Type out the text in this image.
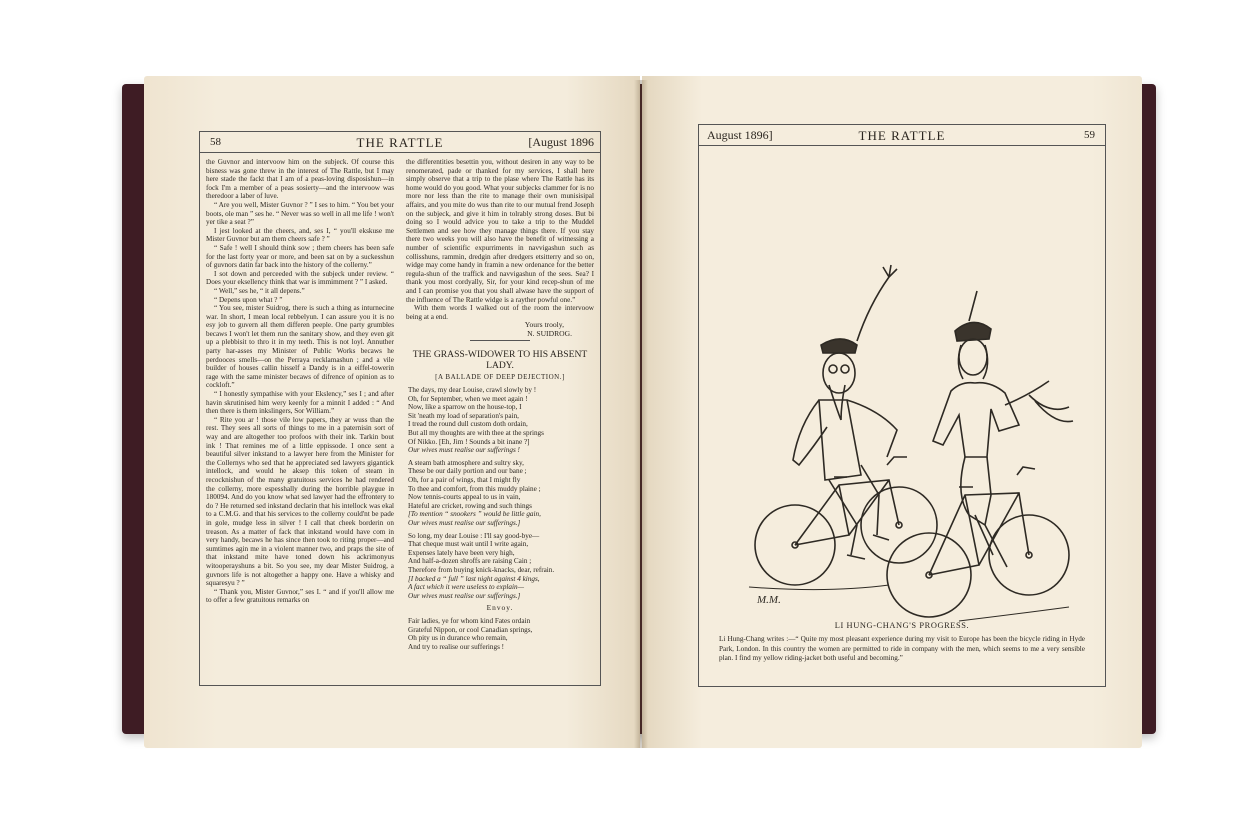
58	THE RATTLE	[August 1896

the Guvnor and intervoow him on the subjeck. Of course this bisness was gone threw in the interest of The Rattle, but I may here stade the fackt that I am of a peas-loving disposishun—in fock I'm a member of a peas sosierty—and the intervoow was theredoor a laber of luve.

“ Are you well, Mister Guvnor ? ” I ses to him. “ You bet your boots, ole man ” ses he. “ Never was so well in all me life ! won't yer tike a seat ?”

I jest looked at the cheers, and, ses I, “ you'll ekskuse me Mister Guvnor but am them cheers safe ? ”

“ Safe ! well I should think sow ; them cheers has been safe for the last forty year or more, and been sat on by a suckesshun of guvnors datin far back into the history of the collerny.”

I sot down and perceeded with the subjeck under review. “ Does your eksellency think that war is immimment ? ” I asked.

“ Well,” ses he, “ it all depens.”

“ Depens upon what ? ”

“ You see, mister Suidrog, there is such a thing as inturnecine war. In short, I mean local rebbelyun. I can assure you it is no esy job to guvern all them differen peeple. One party grumbles becaws I won't let them run the sanitary show, and they even git up a plebbisit to thro it in my teeth. This is not loyl. Annuther party har-asses my Minister of Public Works becaws he perdooces smells—on the Perraya recklamashun ; and a vile builder of houses callin hisself a Dandy is in a eiffel-towerin rage with the same minister becaws of difrence of opinion as to cockloft.”

“ I honestly sympathise with your Ekslency,” ses I ; and after havin skrutinised him wery keenly for a minnit I added : “ And then there is them inkslingers, Sor William.”

“ Rite you ar ! those vile low papers, they ar wuss than the rest. They sees all sorts of things to me in a paternisin sort of way and are altogether too profoos with their ink. Tarkin bout ink ! That remines me of a little eppissode. I once sent a beautiful silver inkstand to a lawyer here from the Minister for the Collernys who sed that he appreciated sed lawyers gigantick intellock, and would he aksep this token of steam in recocknishun of the many gratuitous services he had rendered the collerny, more espesshally during the horrible playgue in 180094. And do you know what sed lawyer had the effrontery to do ? He returned sed inkstand declarin that his intellock was ekal to a C.M.G. and that his services to the collerny could'nt be pade in gole, mudge less in silver ! I call that cheek borderin on treason. As a matter of fack that inkstand would have com in very handy, becaws he has since then took to riting proper—and sumtimes agin me in a violent manner two, and praps the site of that inkstand mite have toned down his ackrimonyus witooperayshuns a bit. So you see, my dear Mister Suidrog, a guvnors life is not altogether a happy one. Have a whisky and squaresyu ? ”

“ Thank you, Mister Guvnor,” ses I. “ and if you'll allow me to offer a few gratuitous remarks on

the differentities besettin you, without desiren in any way to be renomerated, pade or thanked for my services, I shall here simply observe that a trip to the plase where The Rattle has its home would do you good. What your subjecks clammer for is no more nor less than the rite to manage their own munisisipal affairs, and you mite do wus than rite to our mutual frend Joseph on the subjeck, and give it him in tolrably strong doses. But bi doing so I would advice you to take a trip to the Muddel Settlemen and see how they manage things there. If you stay there two weeks you will also have the benefit of witnessing a number of scientific expurriments in navvigashun such as collisshuns, rammin, dredgin after dredgers etsitterry and so on, widge may come handy in framin a new ordenance for the better regula-shun of the traffick and navvigashun of the sees. Sea? I thank you most cordyally, Sir, for your kind recep-shun of me and I can promise you that you shall alwase have the support of the influence of The Rattle widge is a rayther powful one.”

With them words I walked out of the room the intervoow being at a end.

Yours trooly,

N. SUIDROG.

THE GRASS-WIDOWER TO HIS ABSENT LADY.
[A BALLADE OF DEEP DEJECTION.]
The days, my dear Louise, crawl slowly by !
Oh, for September, when we meet again !
Now, like a sparrow on the house-top, I
Sit 'neath my load of separation's pain,
I tread the round dull custom doth ordain,
But all my thoughts are with thee at the springs
Of Nikko. [Eh, Jim ! Sounds a bit inane ?]
Our wives must realise our sufferings !
A steam bath atmosphere and sultry sky,
These be our daily portion and our bane ;
Oh, for a pair of wings, that I might fly
To thee and comfort, from this muddy plaine ;
Now tennis-courts appeal to us in vain,
Hateful are cricket, rowing and such things
[To mention “ snookers ” would be little gain,
Our wives must realise our sufferings.]
So long, my dear Louise : I'll say good-bye—
That cheque must wait until I write again,
Expenses lately have been very high,
And half-a-dozen shroffs are raising Cain ;
Therefore from buying knick-knacks, dear, refrain.
[I backed a “ full ” last night against 4 kings,
A fact which it were useless to explain—
Our wives must realise our sufferings.]
Envoy.
Fair ladies, ye for whom kind Fates ordain
Grateful Nippon, or cool Canadian springs,
Oh pity us in durance who remain,
And try to realise our sufferings !
August 1896]	THE RATTLE	59
M.M.
LI HUNG-CHANG'S PROGRESS.
Li Hung-Chang writes :—“ Quite my most pleasant experience during my visit to Europe has been the bicycle riding in Hyde Park, London. In this country the women are permitted to ride in company with the men, which seems to me a very sensible plan. I find my yellow riding-jacket both useful and becoming.”
